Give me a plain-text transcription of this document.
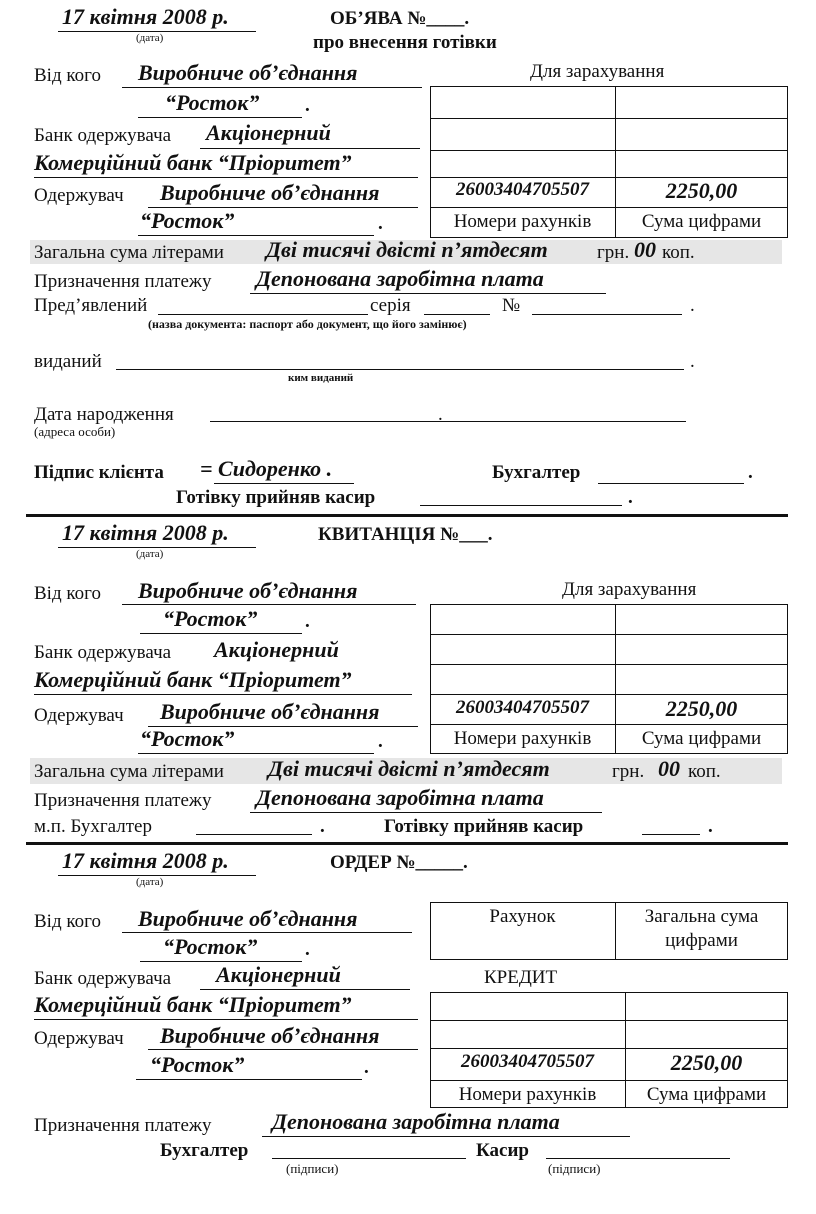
17 квітня 2008 р.
(дата)
ОБ’ЯВА №____.
про внесення готівки
Від кого Виробниче об’єднання
“Росток” .
Банк одержувача Акціонерний
Комерційний банк “Пріоритет”
Одержувач Виробниче об’єднання
“Росток”	.
Для зарахування
26003404705507	2250,00
Номери рахунків	Сума цифрами
Загальна сума літерами Дві тисячі двісті п’ятдесят	грн. 00 коп.
Призначення платежу Депонована заробітна плата
Пред’явлений	серія	№	.
(назва документа: паспорт або документ, що його замінює)
виданий	.
ким виданий
Дата народження	.
(адреса особи)
Підпис клієнта = Сидоренко .	Бухгалтер	.
Готівку прийняв касир	.
17 квітня 2008 р.
(дата)
КВИТАНЦІЯ №___.
Від кого Виробниче об’єднання
“Росток”	.
Банк одержувача Акціонерний
Комерційний банк “Пріоритет”
Одержувач Виробниче об’єднання
“Росток”	.
Для зарахування
26003404705507	2250,00
Номери рахунків	Сума цифрами
Загальна сума літерами Дві тисячі двісті п’ятдесят	грн. 00 коп.
Призначення платежу Депонована заробітна плата
м.п. Бухгалтер	.	Готівку прийняв касир	.
17 квітня 2008 р.
(дата)
ОРДЕР №_____.
Від кого Виробниче об’єднання
“Росток”	.
Рахунок	Загальна сума
цифрами
Банк одержувача Акціонерний
Комерційний банк “Пріоритет”
КРЕДИТ
26003404705507	2250,00
Номери рахунків	Сума цифрами
Одержувач Виробниче об’єднання
“Росток”	.
Призначення платежу	Депонована заробітна плата
Бухгалтер	Касир
(підписи)	(підписи)
